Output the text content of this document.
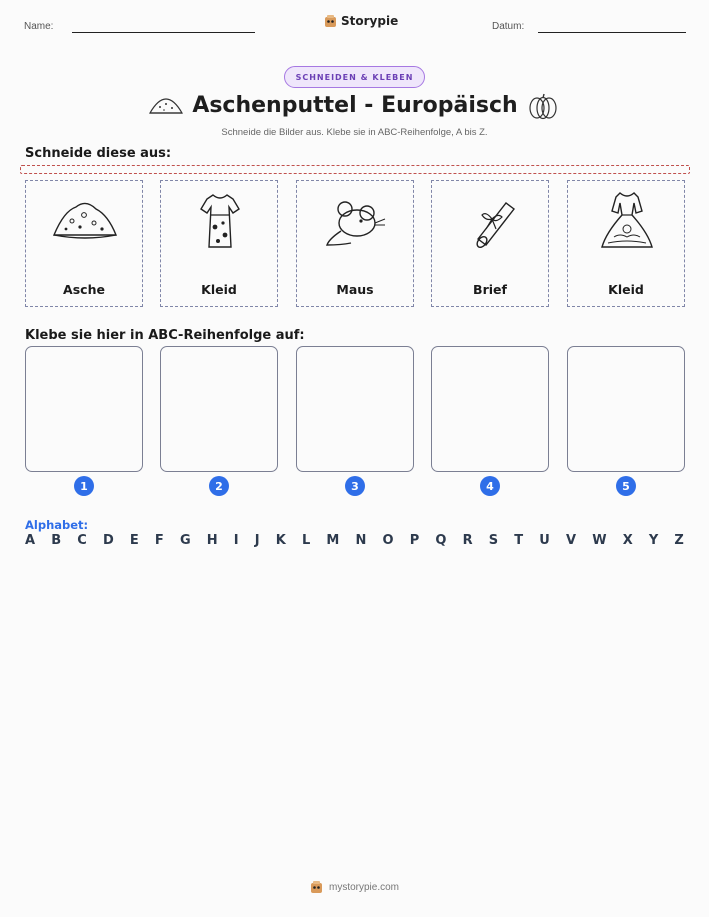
Name:	Storypie	Datum:
SCHNEIDEN & KLEBEN
Aschenputtel - Europäisch
Schneide die Bilder aus. Klebe sie in ABC-Reihenfolge, A bis Z.
Schneide diese aus:
Asche	Kleid	Maus	Brief	Kleid
Klebe sie hier in ABC-Reihenfolge auf:
1	2	3	4	5
Alphabet:
A B C D E F G H I J K L M N O P Q R S T U V W X Y Z
mystorypie.com
